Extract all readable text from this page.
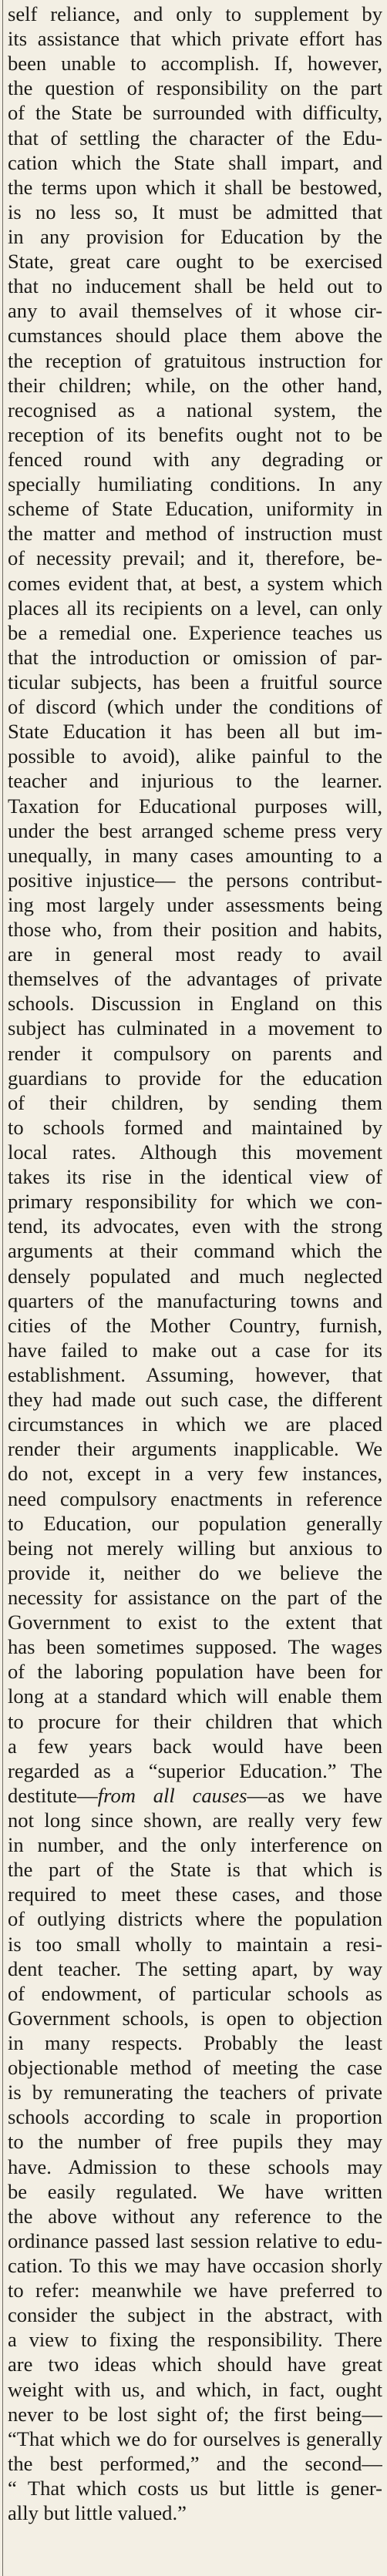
self reliance, and only to supplement by
its assistance that which private effort has
been unable to accomplish. If, however,
the question of responsibility on the part
of the State be surrounded with difficulty,
that of settling the character of the Edu-
cation which the State shall impart, and
the terms upon which it shall be bestowed,
is no less so, It must be admitted that
in any provision for Education by the
State, great care ought to be exercised
that no inducement shall be held out to
any to avail themselves of it whose cir-
cumstances should place them above the
the reception of gratuitous instruction for
their children; while, on the other hand,
recognised as a national system, the
reception of its benefits ought not to be
fenced round with any degrading or
specially humiliating conditions. In any
scheme of State Education, uniformity in
the matter and method of instruction must
of necessity prevail; and it, therefore, be-
comes evident that, at best, a system which
places all its recipients on a level, can only
be a remedial one. Experience teaches us
that the introduction or omission of par-
ticular subjects, has been a fruitful source
of discord (which under the conditions of
State Education it has been all but im-
possible to avoid), alike painful to the
teacher and injurious to the learner.
Taxation for Educational purposes will,
under the best arranged scheme press very
unequally, in many cases amounting to a
positive injustice— the persons contribut-
ing most largely under assessments being
those who, from their position and habits,
are in general most ready to avail
themselves of the advantages of private
schools. Discussion in England on this
subject has culminated in a movement to
render it compulsory on parents and
guardians to provide for the education
of their children, by sending them
to schools formed and maintained by
local rates. Although this movement
takes its rise in the identical view of
primary responsibility for which we con-
tend, its advocates, even with the strong
arguments at their command which the
densely populated and much neglected
quarters of the manufacturing towns and
cities of the Mother Country, furnish,
have failed to make out a case for its
establishment. Assuming, however, that
they had made out such case, the different
circumstances in which we are placed
render their arguments inapplicable. We
do not, except in a very few instances,
need compulsory enactments in reference
to Education, our population generally
being not merely willing but anxious to
provide it, neither do we believe the
necessity for assistance on the part of the
Government to exist to the extent that
has been sometimes supposed. The wages
of the laboring population have been for
long at a standard which will enable them
to procure for their children that which
a few years back would have been
regarded as a “superior Education.” The
destitute—from all causes—as we have
not long since shown, are really very few
in number, and the only interference on
the part of the State is that which is
required to meet these cases, and those
of outlying districts where the population
is too small wholly to maintain a resi-
dent teacher. The setting apart, by way
of endowment, of particular schools as
Government schools, is open to objection
in many respects. Probably the least
objectionable method of meeting the case
is by remunerating the teachers of private
schools according to scale in proportion
to the number of free pupils they may
have. Admission to these schools may
be easily regulated. We have written
the above without any reference to the
ordinance passed last session relative to edu-
cation. To this we may have occasion shorly
to refer: meanwhile we have preferred to
consider the subject in the abstract, with
a view to fixing the responsibility. There
are two ideas which should have great
weight with us, and which, in fact, ought
never to be lost sight of; the first being—
“That which we do for ourselves is generally
the best performed,” and the second—
“ That which costs us but little is gener-
ally but little valued.”
